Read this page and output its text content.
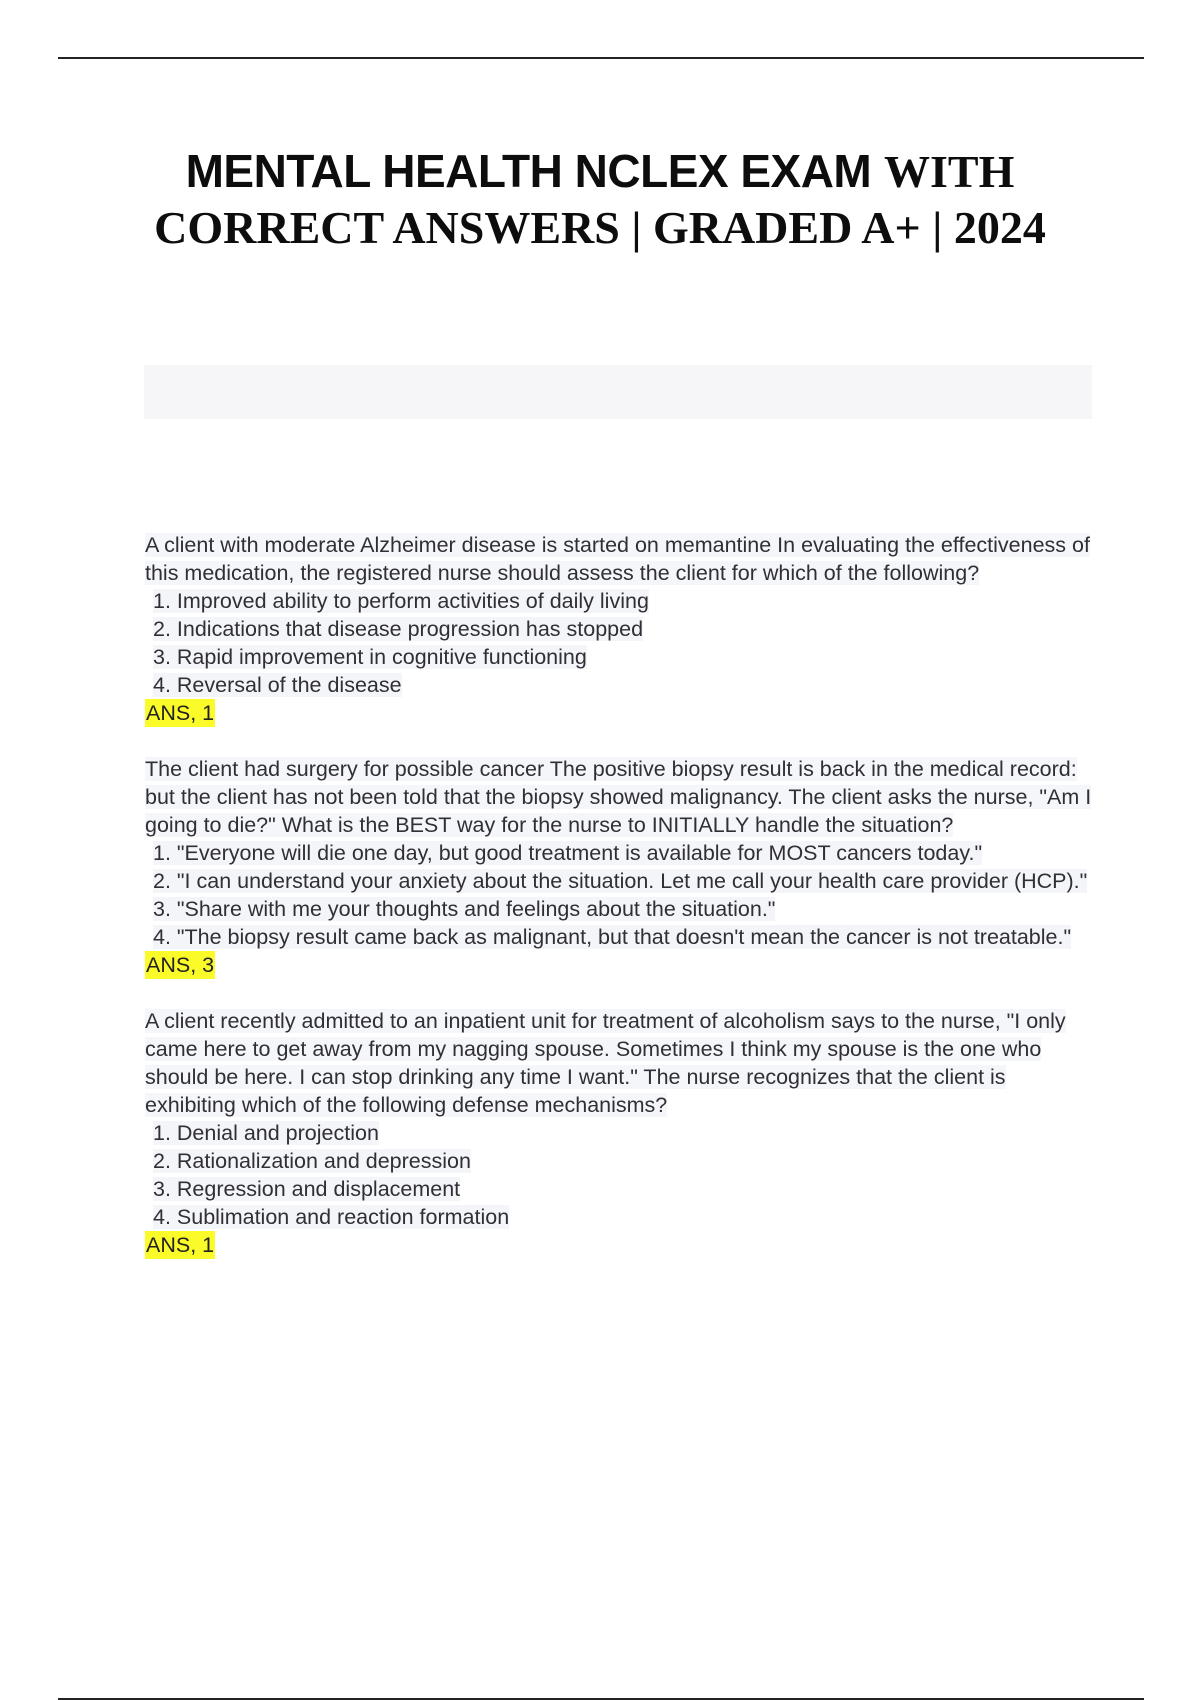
MENTAL HEALTH NCLEX EXAM WITH
CORRECT ANSWERS | GRADED A+ | 2024
A client with moderate Alzheimer disease is started on memantine In evaluating the effectiveness of this medication, the registered nurse should assess the client for which of the following?
1. Improved ability to perform activities of daily living
2. Indications that disease progression has stopped
3. Rapid improvement in cognitive functioning
4. Reversal of the disease
ANS, 1
The client had surgery for possible cancer The positive biopsy result is back in the medical record: but the client has not been told that the biopsy showed malignancy. The client asks the nurse, "Am I going to die?" What is the BEST way for the nurse to INITIALLY handle the situation?
1. "Everyone will die one day, but good treatment is available for MOST cancers today."
2. "I can understand your anxiety about the situation. Let me call your health care provider (HCP)."
3. "Share with me your thoughts and feelings about the situation."
4. "The biopsy result came back as malignant, but that doesn't mean the cancer is not treatable."
ANS, 3
A client recently admitted to an inpatient unit for treatment of alcoholism says to the nurse, "I only came here to get away from my nagging spouse. Sometimes I think my spouse is the one who should be here. I can stop drinking any time I want." The nurse recognizes that the client is exhibiting which of the following defense mechanisms?
1. Denial and projection
2. Rationalization and depression
3. Regression and displacement
4. Sublimation and reaction formation
ANS, 1
